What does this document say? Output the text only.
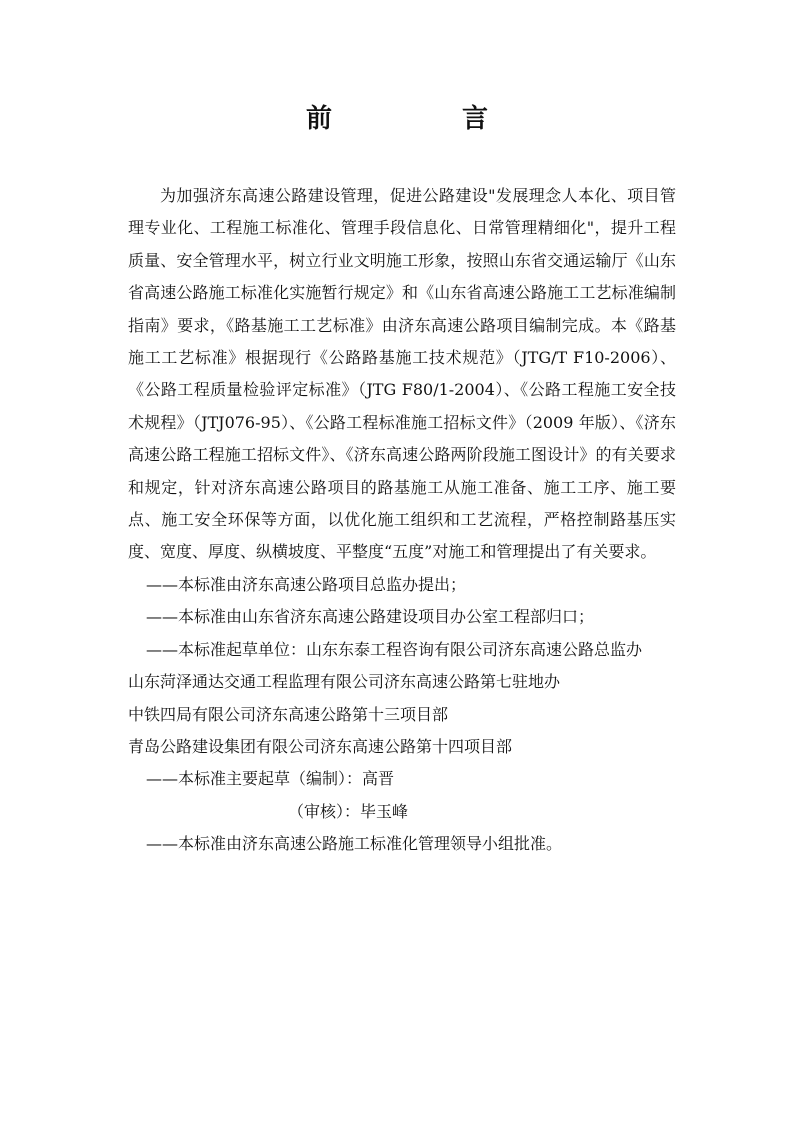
前　言

为加强济东高速公路建设管理，促进公路建设"发展理念人本化、项目管理专业化、工程施工标准化、管理手段信息化、日常管理精细化"，提升工程质量、安全管理水平，树立行业文明施工形象，按照山东省交通运输厅《山东省高速公路施工标准化实施暂行规定》和《山东省高速公路施工工艺标准编制指南》要求，《路基施工工艺标准》由济东高速公路项目编制完成。本《路基施工工艺标准》根据现行《公路路基施工技术规范》（JTG/T F10-2006）、《公路工程质量检验评定标准》（JTG F80/1-2004）、《公路工程施工安全技术规程》（JTJ076-95）、《公路工程标准施工招标文件》（2009 年版）、《济东高速公路工程施工招标文件》、《济东高速公路两阶段施工图设计》的有关要求和规定，针对济东高速公路项目的路基施工从施工准备、施工工序、施工要点、施工安全环保等方面，以优化施工组织和工艺流程，严格控制路基压实度、宽度、厚度、纵横坡度、平整度“五度”对施工和管理提出了有关要求。

——本标准由济东高速公路项目总监办提出；

——本标准由山东省济东高速公路建设项目办公室工程部归口；

——本标准起草单位：山东东泰工程咨询有限公司济东高速公路总监办

山东菏泽通达交通工程监理有限公司济东高速公路第七驻地办

中铁四局有限公司济东高速公路第十三项目部

青岛公路建设集团有限公司济东高速公路第十四项目部

——本标准主要起草（编制）：高晋

（审核）：毕玉峰

——本标准由济东高速公路施工标准化管理领导小组批准。
